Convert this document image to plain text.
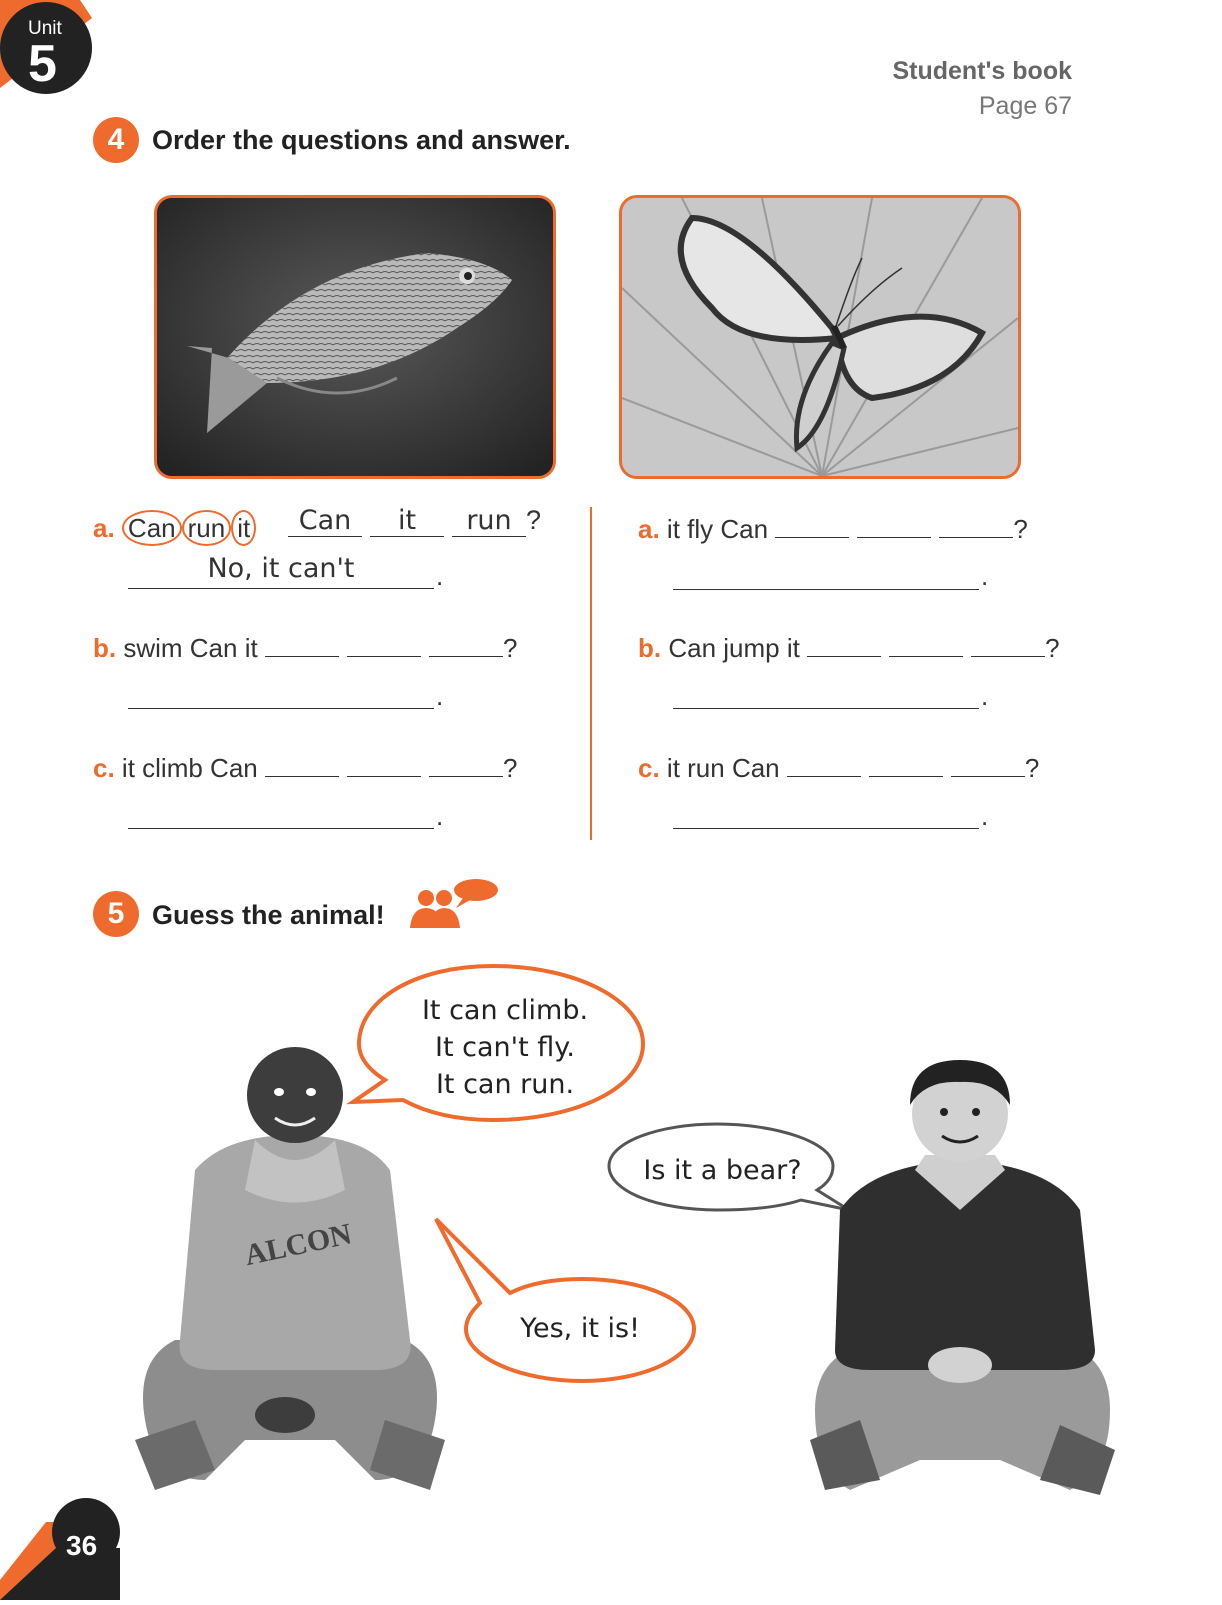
Unit
5	Student's book
Page 67
4	Order the questions and answer.
a. Can run it	Can it run ?
No, it can't	.
b. swim Can it	?
.
c. it climb Can	?
.
a. it fly Can	?
.
b. Can jump it	?
.
c. it run Can	?
.
5	Guess the animal!
It can climb.
It can't fly.
It can run.
Is it a bear?
Yes, it is!
ALCON
36
